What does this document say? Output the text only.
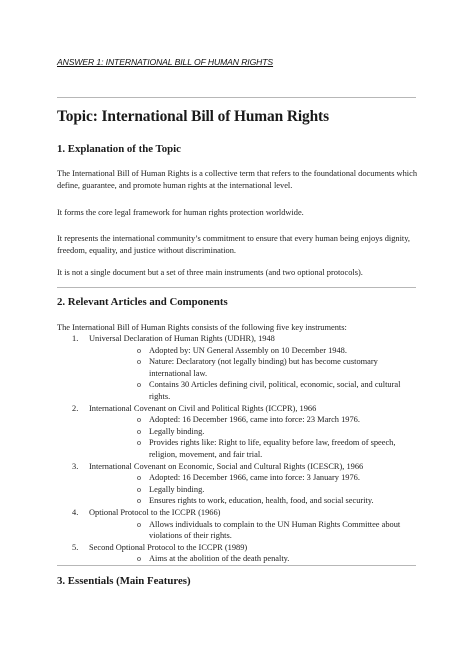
ANSWER 1: INTERNATIONAL BILL OF HUMAN RIGHTS
Topic: International Bill of Human Rights
1. Explanation of the Topic
The International Bill of Human Rights is a collective term that refers to the foundational documents which define, guarantee, and promote human rights at the international level.
It forms the core legal framework for human rights protection worldwide.
It represents the international community’s commitment to ensure that every human being enjoys dignity, freedom, equality, and justice without discrimination.
It is not a single document but a set of three main instruments (and two optional protocols).
2. Relevant Articles and Components
The International Bill of Human Rights consists of the following five key instruments:
1. Universal Declaration of Human Rights (UDHR), 1948
o Adopted by: UN General Assembly on 10 December 1948.
o Nature: Declaratory (not legally binding) but has become customary international law.
o Contains 30 Articles defining civil, political, economic, social, and cultural rights.
2. International Covenant on Civil and Political Rights (ICCPR), 1966
o Adopted: 16 December 1966, came into force: 23 March 1976.
o Legally binding.
o Provides rights like: Right to life, equality before law, freedom of speech, religion, movement, and fair trial.
3. International Covenant on Economic, Social and Cultural Rights (ICESCR), 1966
o Adopted: 16 December 1966, came into force: 3 January 1976.
o Legally binding.
o Ensures rights to work, education, health, food, and social security.
4. Optional Protocol to the ICCPR (1966)
o Allows individuals to complain to the UN Human Rights Committee about violations of their rights.
5. Second Optional Protocol to the ICCPR (1989)
o Aims at the abolition of the death penalty.
3. Essentials (Main Features)
